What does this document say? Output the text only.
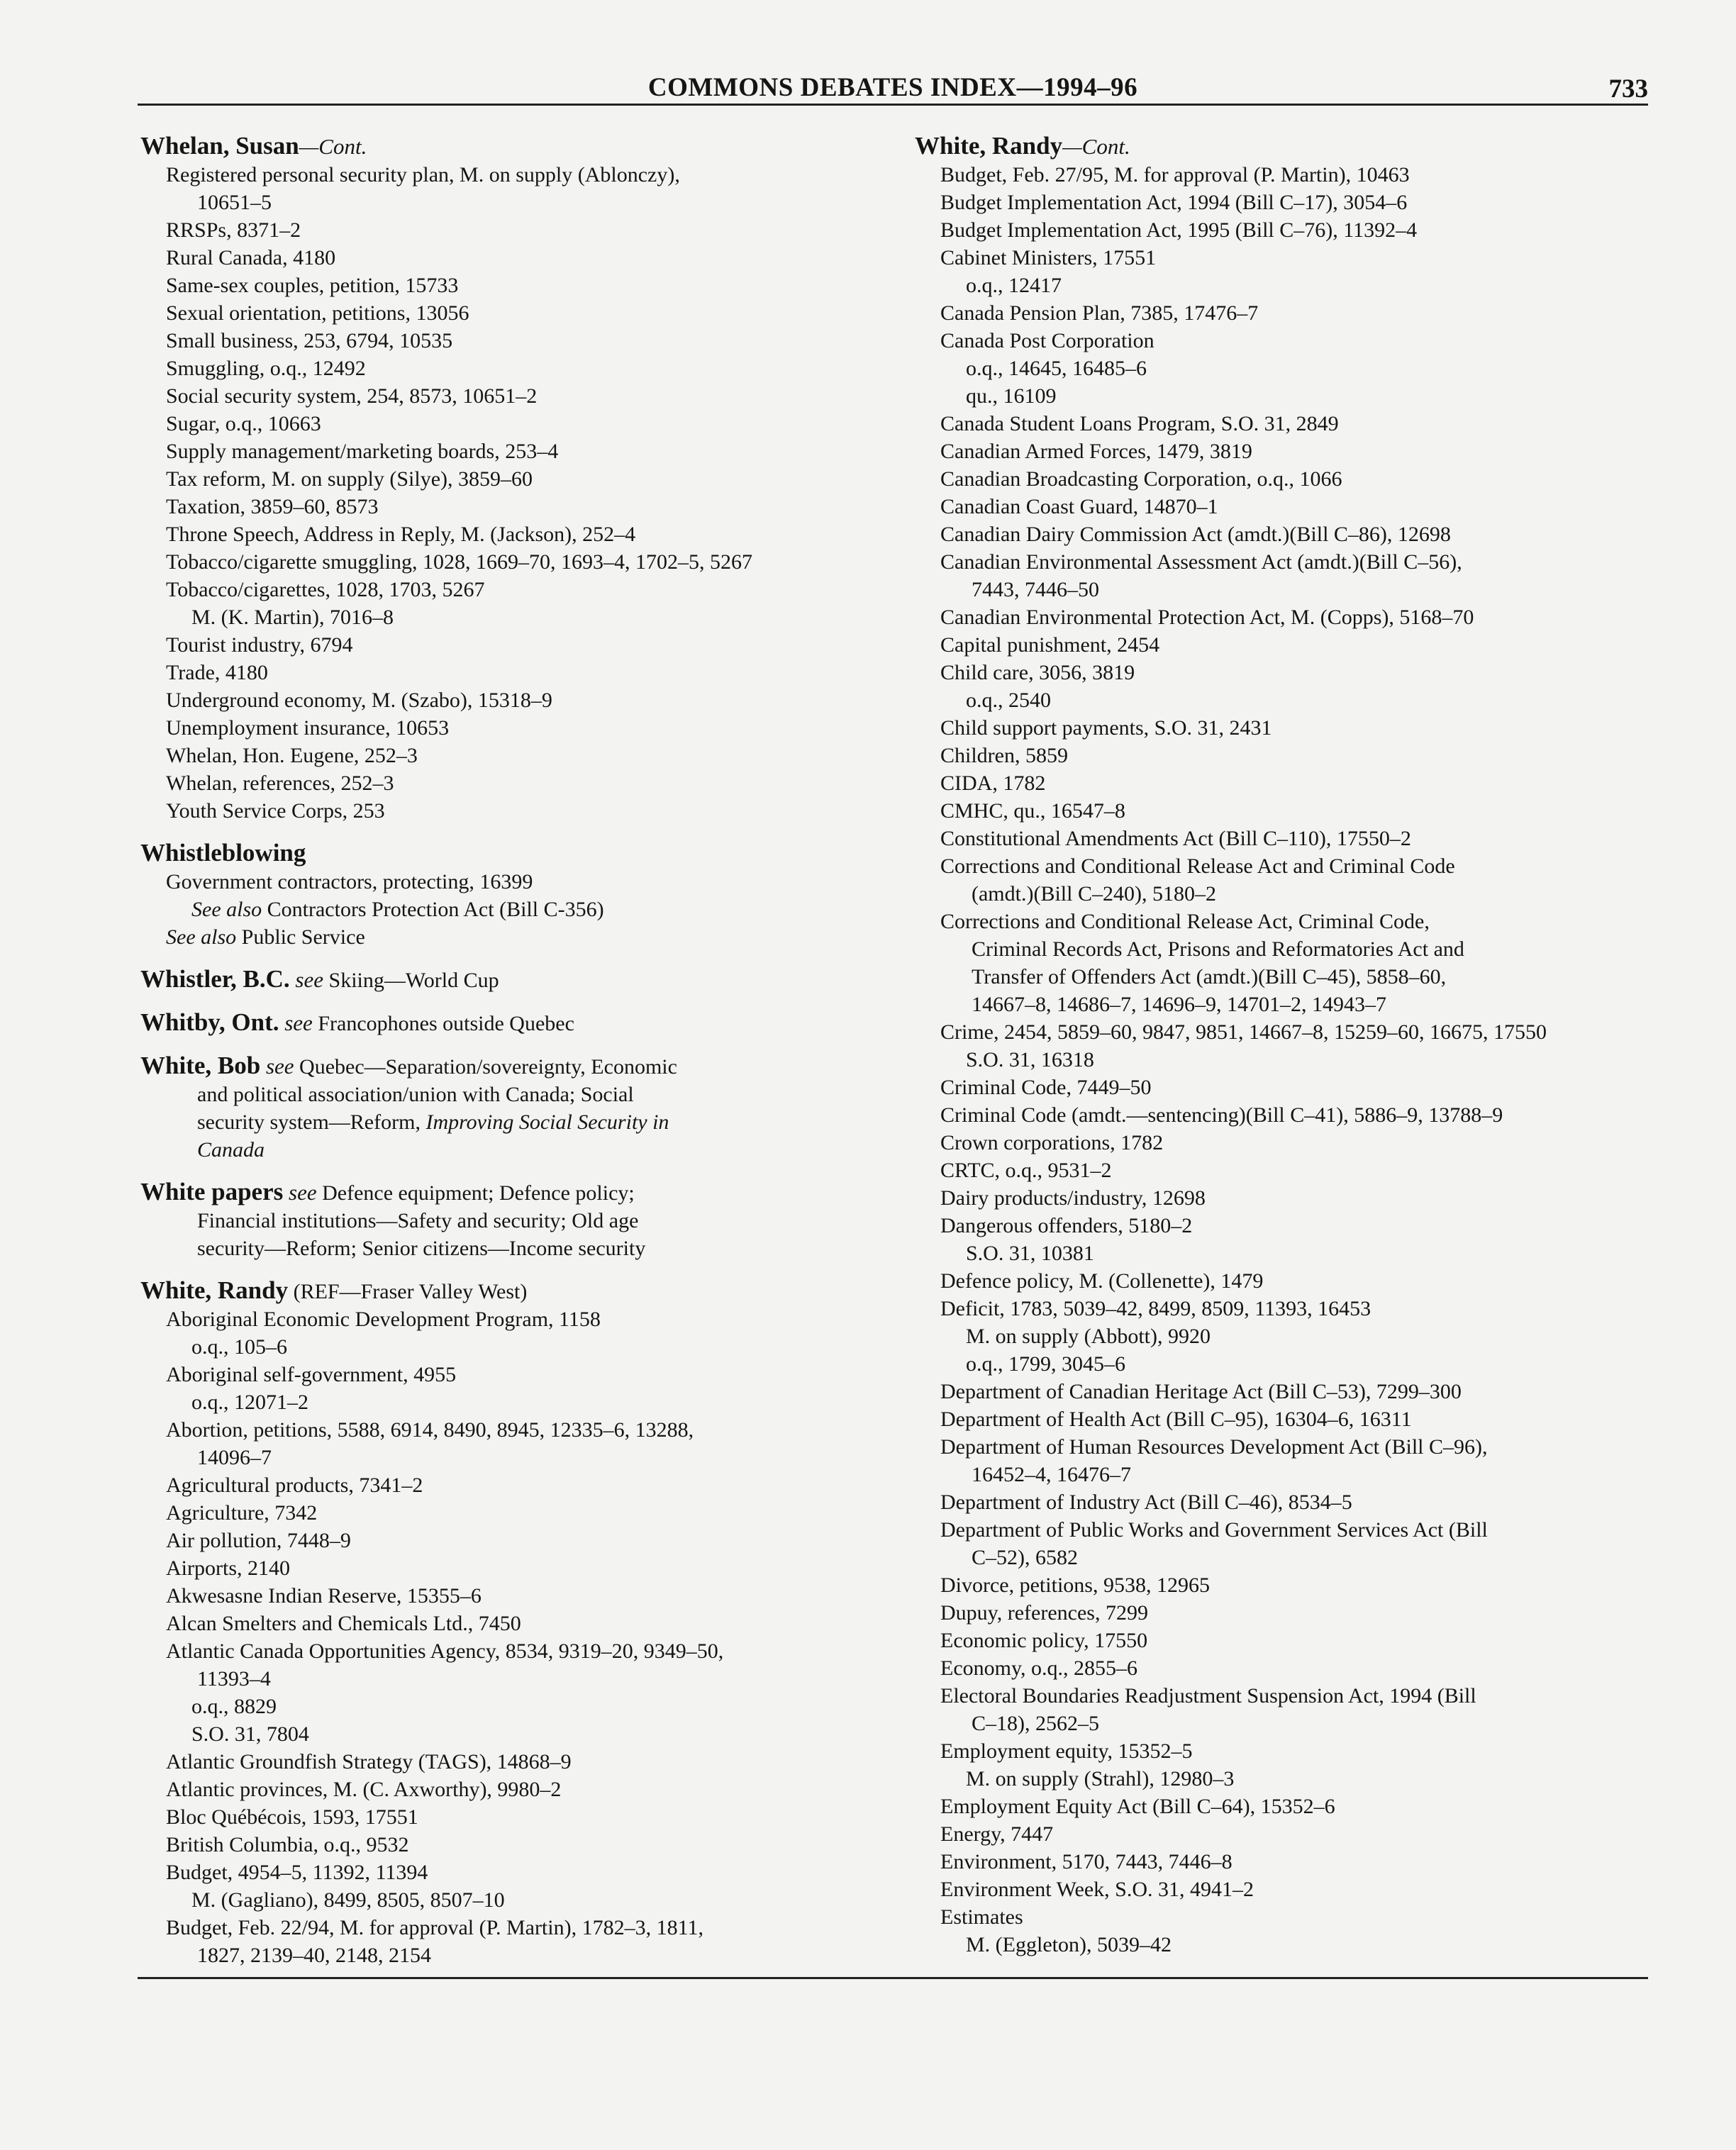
COMMONS DEBATES INDEX—1994–96	733
Whelan, Susan—Cont.
Registered personal security plan, M. on supply (Ablonczy),
10651–5
RRSPs, 8371–2
Rural Canada, 4180
Same-sex couples, petition, 15733
Sexual orientation, petitions, 13056
Small business, 253, 6794, 10535
Smuggling, o.q., 12492
Social security system, 254, 8573, 10651–2
Sugar, o.q., 10663
Supply management/marketing boards, 253–4
Tax reform, M. on supply (Silye), 3859–60
Taxation, 3859–60, 8573
Throne Speech, Address in Reply, M. (Jackson), 252–4
Tobacco/cigarette smuggling, 1028, 1669–70, 1693–4, 1702–5, 5267
Tobacco/cigarettes, 1028, 1703, 5267
M. (K. Martin), 7016–8
Tourist industry, 6794
Trade, 4180
Underground economy, M. (Szabo), 15318–9
Unemployment insurance, 10653
Whelan, Hon. Eugene, 252–3
Whelan, references, 252–3
Youth Service Corps, 253
Whistleblowing
Government contractors, protecting, 16399
See also Contractors Protection Act (Bill C-356)
See also Public Service
Whistler, B.C. see Skiing—World Cup
Whitby, Ont. see Francophones outside Quebec
White, Bob see Quebec—Separation/sovereignty, Economic
and political association/union with Canada; Social
security system—Reform, Improving Social Security in
Canada
White papers see Defence equipment; Defence policy;
Financial institutions—Safety and security; Old age
security—Reform; Senior citizens—Income security
White, Randy (REF—Fraser Valley West)
Aboriginal Economic Development Program, 1158
o.q., 105–6
Aboriginal self-government, 4955
o.q., 12071–2
Abortion, petitions, 5588, 6914, 8490, 8945, 12335–6, 13288,
14096–7
Agricultural products, 7341–2
Agriculture, 7342
Air pollution, 7448–9
Airports, 2140
Akwesasne Indian Reserve, 15355–6
Alcan Smelters and Chemicals Ltd., 7450
Atlantic Canada Opportunities Agency, 8534, 9319–20, 9349–50,
11393–4
o.q., 8829
S.O. 31, 7804
Atlantic Groundfish Strategy (TAGS), 14868–9
Atlantic provinces, M. (C. Axworthy), 9980–2
Bloc Québécois, 1593, 17551
British Columbia, o.q., 9532
Budget, 4954–5, 11392, 11394
M. (Gagliano), 8499, 8505, 8507–10
Budget, Feb. 22/94, M. for approval (P. Martin), 1782–3, 1811,
1827, 2139–40, 2148, 2154
White, Randy—Cont.
Budget, Feb. 27/95, M. for approval (P. Martin), 10463
Budget Implementation Act, 1994 (Bill C–17), 3054–6
Budget Implementation Act, 1995 (Bill C–76), 11392–4
Cabinet Ministers, 17551
o.q., 12417
Canada Pension Plan, 7385, 17476–7
Canada Post Corporation
o.q., 14645, 16485–6
qu., 16109
Canada Student Loans Program, S.O. 31, 2849
Canadian Armed Forces, 1479, 3819
Canadian Broadcasting Corporation, o.q., 1066
Canadian Coast Guard, 14870–1
Canadian Dairy Commission Act (amdt.)(Bill C–86), 12698
Canadian Environmental Assessment Act (amdt.)(Bill C–56),
7443, 7446–50
Canadian Environmental Protection Act, M. (Copps), 5168–70
Capital punishment, 2454
Child care, 3056, 3819
o.q., 2540
Child support payments, S.O. 31, 2431
Children, 5859
CIDA, 1782
CMHC, qu., 16547–8
Constitutional Amendments Act (Bill C–110), 17550–2
Corrections and Conditional Release Act and Criminal Code
(amdt.)(Bill C–240), 5180–2
Corrections and Conditional Release Act, Criminal Code,
Criminal Records Act, Prisons and Reformatories Act and
Transfer of Offenders Act (amdt.)(Bill C–45), 5858–60,
14667–8, 14686–7, 14696–9, 14701–2, 14943–7
Crime, 2454, 5859–60, 9847, 9851, 14667–8, 15259–60, 16675, 17550
S.O. 31, 16318
Criminal Code, 7449–50
Criminal Code (amdt.—sentencing)(Bill C–41), 5886–9, 13788–9
Crown corporations, 1782
CRTC, o.q., 9531–2
Dairy products/industry, 12698
Dangerous offenders, 5180–2
S.O. 31, 10381
Defence policy, M. (Collenette), 1479
Deficit, 1783, 5039–42, 8499, 8509, 11393, 16453
M. on supply (Abbott), 9920
o.q., 1799, 3045–6
Department of Canadian Heritage Act (Bill C–53), 7299–300
Department of Health Act (Bill C–95), 16304–6, 16311
Department of Human Resources Development Act (Bill C–96),
16452–4, 16476–7
Department of Industry Act (Bill C–46), 8534–5
Department of Public Works and Government Services Act (Bill
C–52), 6582
Divorce, petitions, 9538, 12965
Dupuy, references, 7299
Economic policy, 17550
Economy, o.q., 2855–6
Electoral Boundaries Readjustment Suspension Act, 1994 (Bill
C–18), 2562–5
Employment equity, 15352–5
M. on supply (Strahl), 12980–3
Employment Equity Act (Bill C–64), 15352–6
Energy, 7447
Environment, 5170, 7443, 7446–8
Environment Week, S.O. 31, 4941–2
Estimates
M. (Eggleton), 5039–42
